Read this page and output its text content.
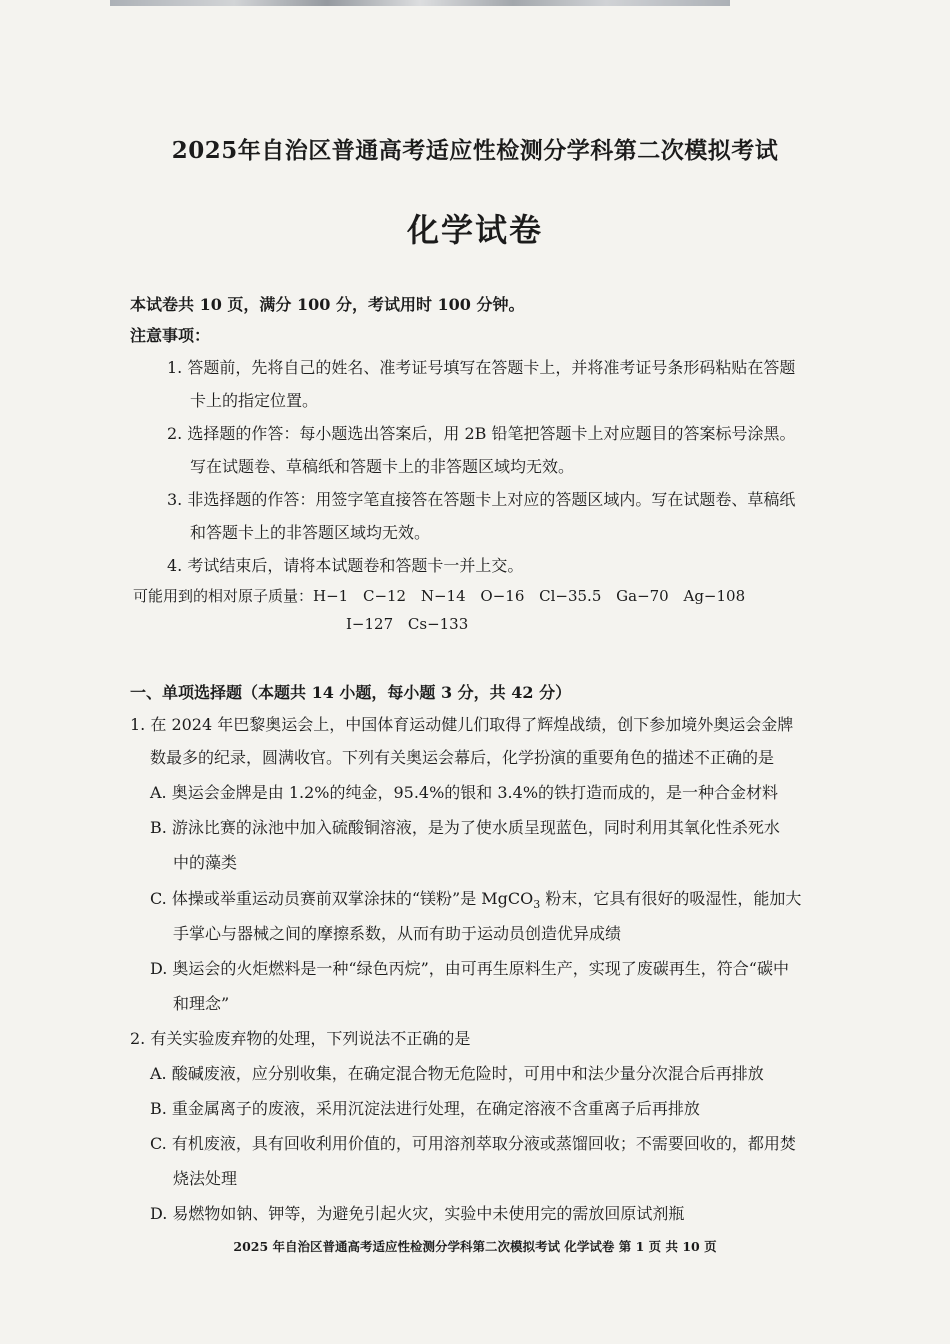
2025年自治区普通高考适应性检测分学科第二次模拟考试
化学试卷
本试卷共 10 页，满分 100 分，考试用时 100 分钟。
注意事项：
1. 答题前，先将自己的姓名、准考证号填写在答题卡上，并将准考证号条形码粘贴在答题
卡上的指定位置。
2. 选择题的作答：每小题选出答案后，用 2B 铅笔把答题卡上对应题目的答案标号涂黑。
写在试题卷、草稿纸和答题卡上的非答题区域均无效。
3. 非选择题的作答：用签字笔直接答在答题卡上对应的答题区域内。写在试题卷、草稿纸
和答题卡上的非答题区域均无效。
4. 考试结束后，请将本试题卷和答题卡一并上交。
可能用到的相对原子质量：H−1 C−12 N−14 O−16 Cl−35.5 Ga−70 Ag−108
I−127 Cs−133
一、单项选择题（本题共 14 小题，每小题 3 分，共 42 分）
1. 在 2024 年巴黎奥运会上，中国体育运动健儿们取得了辉煌战绩，创下参加境外奥运会金牌
数最多的纪录，圆满收官。下列有关奥运会幕后，化学扮演的重要角色的描述不正确的是
A. 奥运会金牌是由 1.2%的纯金，95.4%的银和 3.4%的铁打造而成的，是一种合金材料
B. 游泳比赛的泳池中加入硫酸铜溶液，是为了使水质呈现蓝色，同时利用其氧化性杀死水
中的藻类
C. 体操或举重运动员赛前双掌涂抹的“镁粉”是 MgCO$_3$ 粉末，它具有很好的吸湿性，能加大
手掌心与器械之间的摩擦系数，从而有助于运动员创造优异成绩
D. 奥运会的火炬燃料是一种“绿色丙烷”，由可再生原料生产，实现了废碳再生，符合“碳中
和理念”
2. 有关实验废弃物的处理，下列说法不正确的是
A. 酸碱废液，应分别收集，在确定混合物无危险时，可用中和法少量分次混合后再排放
B. 重金属离子的废液，采用沉淀法进行处理，在确定溶液不含重离子后再排放
C. 有机废液，具有回收利用价值的，可用溶剂萃取分液或蒸馏回收；不需要回收的，都用焚
烧法处理
D. 易燃物如钠、钾等，为避免引起火灾，实验中未使用完的需放回原试剂瓶
2025 年自治区普通高考适应性检测分学科第二次模拟考试 化学试卷 第 1 页 共 10 页
